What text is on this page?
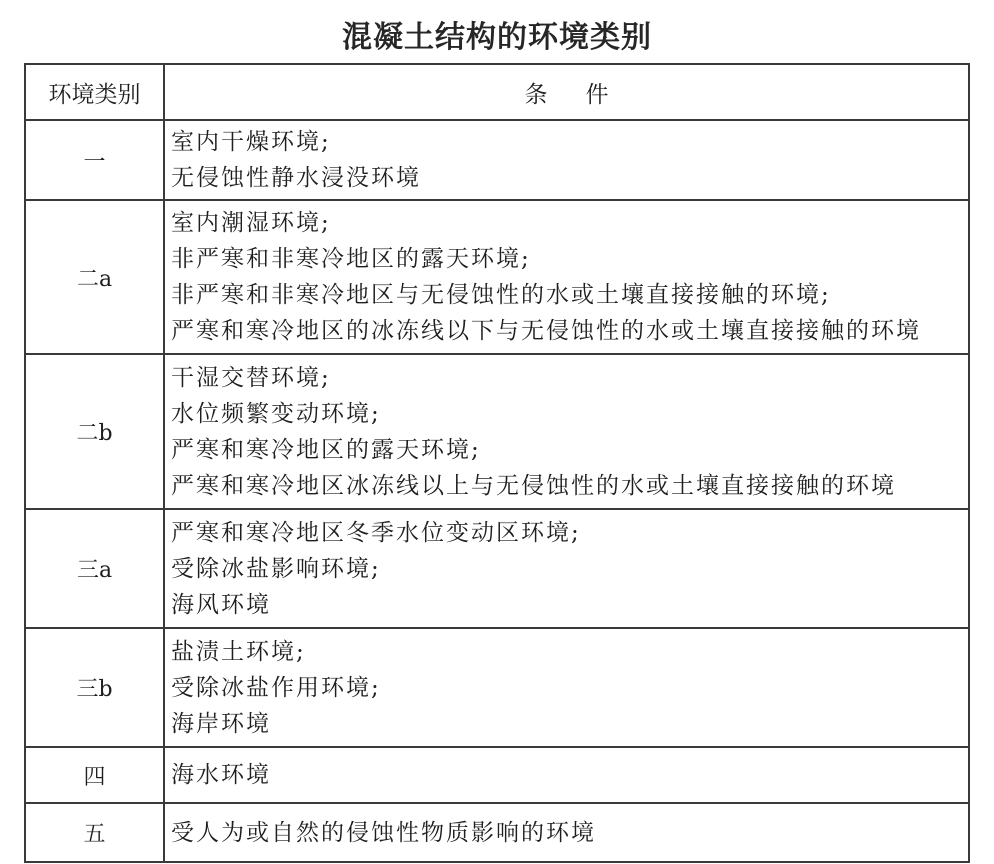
混凝土结构的环境类别
环境类别	条件
一	室内干燥环境;
无侵蚀性静水浸没环境

二a	室内潮湿环境;
非严寒和非寒冷地区的露天环境;
非严寒和非寒冷地区与无侵蚀性的水或土壤直接接触的环境;
严寒和寒冷地区的冰冻线以下与无侵蚀性的水或土壤直接接触的环境

二b	干湿交替环境;
水位频繁变动环境;
严寒和寒冷地区的露天环境;
严寒和寒冷地区冰冻线以上与无侵蚀性的水或土壤直接接触的环境

三a	严寒和寒冷地区冬季水位变动区环境;
受除冰盐影响环境;
海风环境

三b	盐渍土环境;
受除冰盐作用环境;
海岸环境

四	海水环境

五	受人为或自然的侵蚀性物质影响的环境
